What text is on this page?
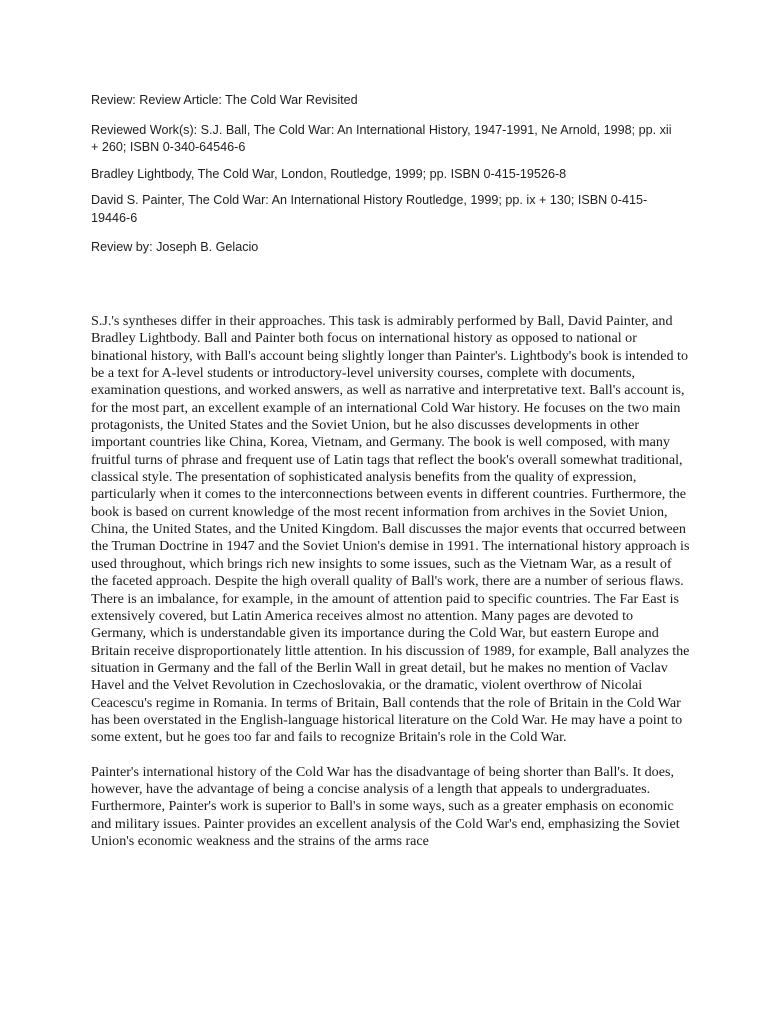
Review: Review Article: The Cold War Revisited

Reviewed Work(s): S.J. Ball, The Cold War: An International History, 1947-1991, Ne Arnold, 1998; pp. xii + 260; ISBN 0-340-64546-6

Bradley Lightbody, The Cold War, London, Routledge, 1999; pp. ISBN 0-415-19526-8

David S. Painter, The Cold War: An International History Routledge, 1999; pp. ix + 130; ISBN 0-415-19446-6

Review by: Joseph B. Gelacio

S.J.'s syntheses differ in their approaches. This task is admirably performed by Ball, David Painter, and Bradley Lightbody. Ball and Painter both focus on international history as opposed to national or binational history, with Ball's account being slightly longer than Painter's. Lightbody's book is intended to be a text for A-level students or introductory-level university courses, complete with documents, examination questions, and worked answers, as well as narrative and interpretative text. Ball's account is, for the most part, an excellent example of an international Cold War history. He focuses on the two main protagonists, the United States and the Soviet Union, but he also discusses developments in other important countries like China, Korea, Vietnam, and Germany. The book is well composed, with many fruitful turns of phrase and frequent use of Latin tags that reflect the book's overall somewhat traditional, classical style. The presentation of sophisticated analysis benefits from the quality of expression, particularly when it comes to the interconnections between events in different countries. Furthermore, the book is based on current knowledge of the most recent information from archives in the Soviet Union, China, the United States, and the United Kingdom. Ball discusses the major events that occurred between the Truman Doctrine in 1947 and the Soviet Union's demise in 1991. The international history approach is used throughout, which brings rich new insights to some issues, such as the Vietnam War, as a result of the faceted approach. Despite the high overall quality of Ball's work, there are a number of serious flaws. There is an imbalance, for example, in the amount of attention paid to specific countries. The Far East is extensively covered, but Latin America receives almost no attention. Many pages are devoted to Germany, which is understandable given its importance during the Cold War, but eastern Europe and Britain receive disproportionately little attention. In his discussion of 1989, for example, Ball analyzes the situation in Germany and the fall of the Berlin Wall in great detail, but he makes no mention of Vaclav Havel and the Velvet Revolution in Czechoslovakia, or the dramatic, violent overthrow of Nicolai Ceacescu's regime in Romania. In terms of Britain, Ball contends that the role of Britain in the Cold War has been overstated in the English-language historical literature on the Cold War. He may have a point to some extent, but he goes too far and fails to recognize Britain's role in the Cold War.

Painter's international history of the Cold War has the disadvantage of being shorter than Ball's. It does, however, have the advantage of being a concise analysis of a length that appeals to undergraduates. Furthermore, Painter's work is superior to Ball's in some ways, such as a greater emphasis on economic and military issues. Painter provides an excellent analysis of the Cold War's end, emphasizing the Soviet Union's economic weakness and the strains of the arms race
